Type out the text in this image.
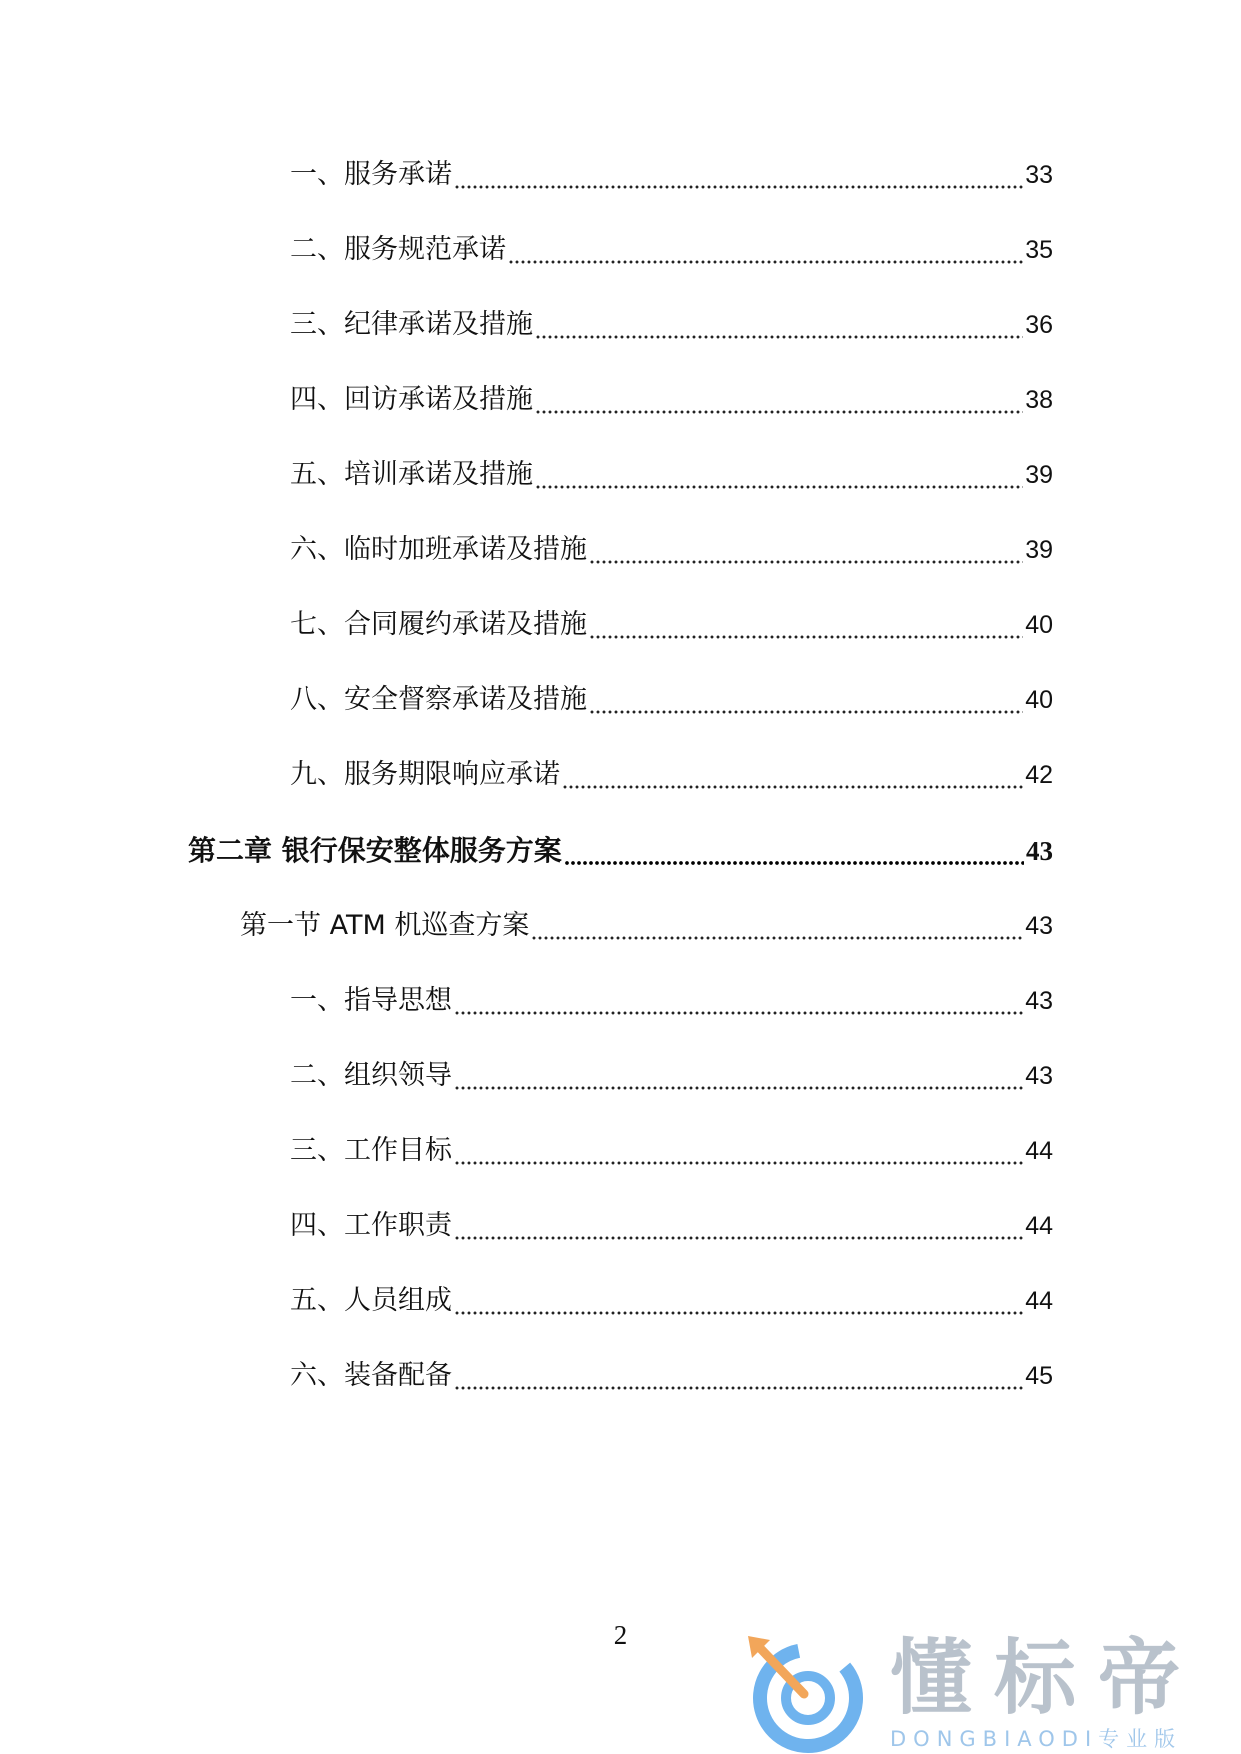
一、服务承诺	33
二、服务规范承诺	35
三、纪律承诺及措施	36
四、回访承诺及措施	38
五、培训承诺及措施	39
六、临时加班承诺及措施	39
七、合同履约承诺及措施	40
八、安全督察承诺及措施	40
九、服务期限响应承诺	42
第二章 银行保安整体服务方案	43
第一节 ATM 机巡查方案	43
一、指导思想	43
二、组织领导	43
三、工作目标	44
四、工作职责	44
五、人员组成	44
六、装备配备	45
2	懂标帝
DONGBIAODI专业版
